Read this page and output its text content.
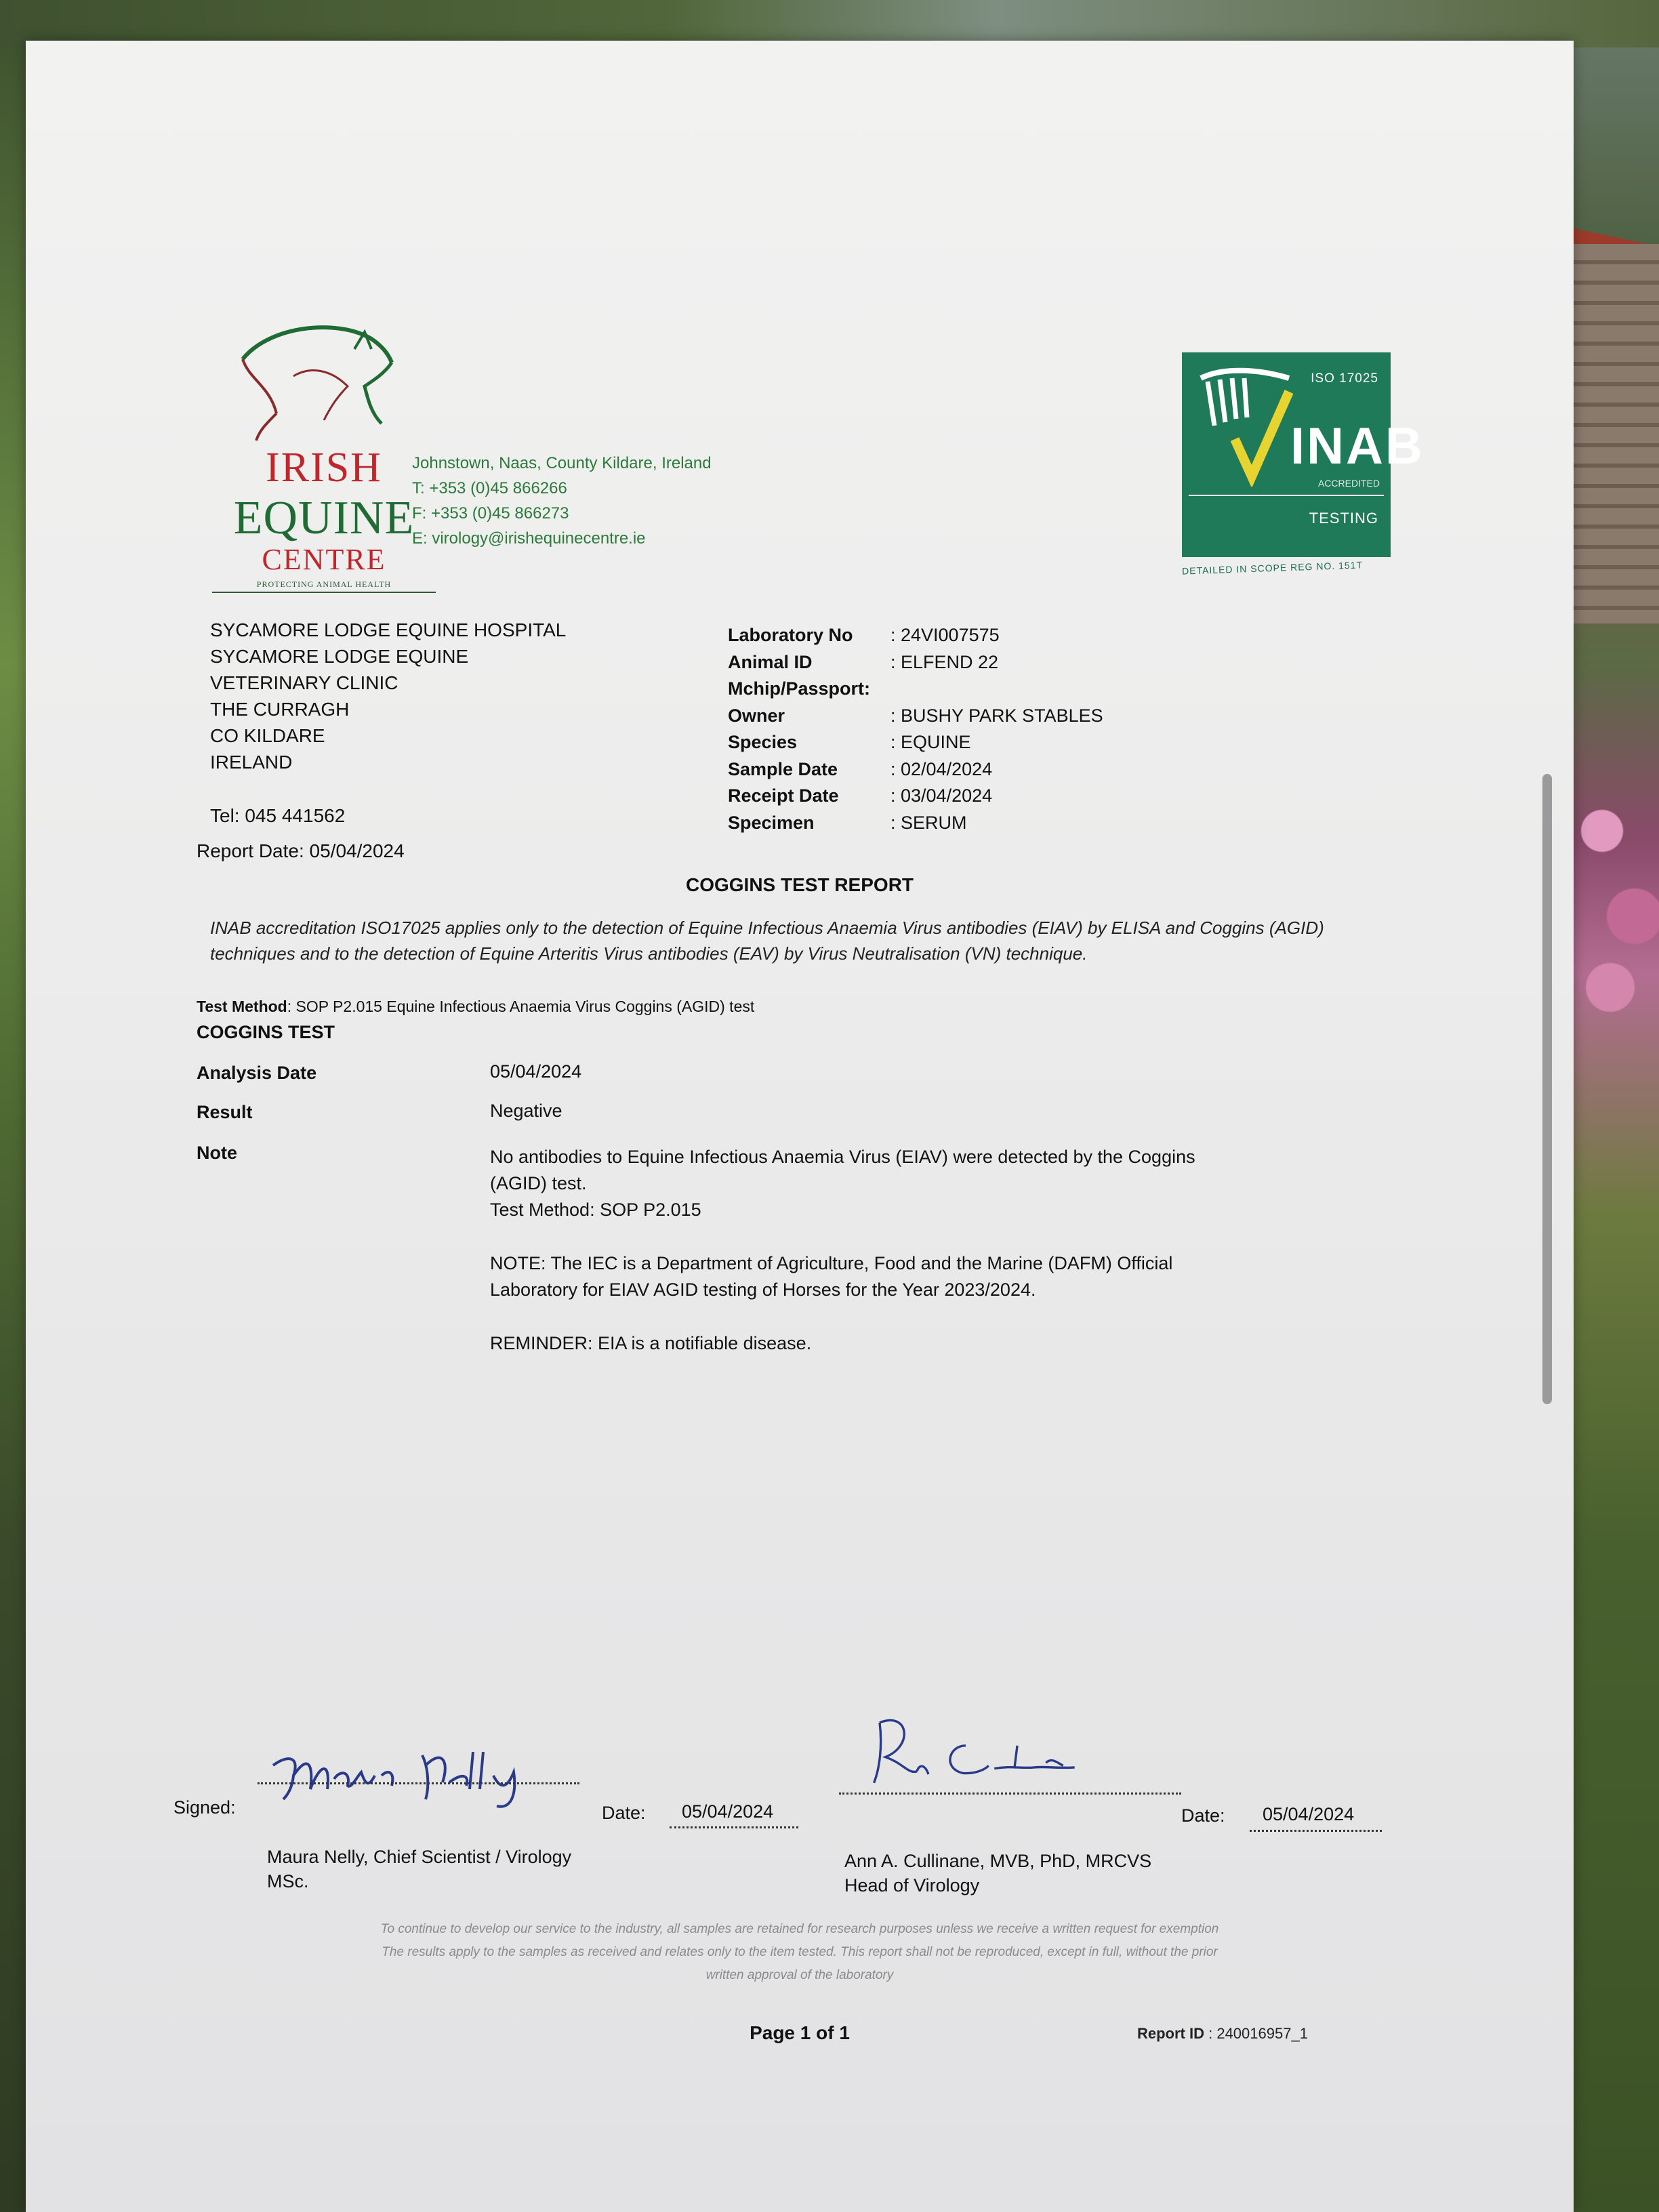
IRISH
EQUINE
CENTRE
PROTECTING ANIMAL HEALTH
Johnstown, Naas, County Kildare, Ireland
T: +353 (0)45 866266
F: +353 (0)45 866273
E: virology@irishequinecentre.ie
ISO 17025
INAB
ACCREDITED
TESTING
DETAILED IN SCOPE REG NO. 151T
SYCAMORE LODGE EQUINE HOSPITAL
SYCAMORE LODGE EQUINE
VETERINARY CLINIC
THE CURRAGH
CO KILDARE
IRELAND
Tel: 045 441562
Report Date: 05/04/2024
Laboratory No	: 24VI007575
Animal ID	: ELFEND 22
Mchip/Passport:
Owner	: BUSHY PARK STABLES
Species	: EQUINE
Sample Date	: 02/04/2024
Receipt Date	: 03/04/2024
Specimen	: SERUM
COGGINS TEST REPORT
INAB accreditation ISO17025 applies only to the detection of Equine Infectious Anaemia Virus antibodies (EIAV) by ELISA and Coggins (AGID) techniques and to the detection of Equine Arteritis Virus antibodies (EAV) by Virus Neutralisation (VN) technique.
Test Method: SOP P2.015 Equine Infectious Anaemia Virus Coggins (AGID) test
COGGINS TEST
Analysis Date	05/04/2024
Result	Negative
Note	No antibodies to Equine Infectious Anaemia Virus (EIAV) were detected by the Coggins (AGID) test.

Test Method: SOP P2.015

NOTE: The IEC is a Department of Agriculture, Food and the Marine (DAFM) Official Laboratory for EIAV AGID testing of Horses for the Year 2023/2024.

REMINDER: EIA is a notifiable disease.

Signed:	Date: 05/04/2024
Maura Nelly, Chief Scientist / Virology
MSc.
Date: 05/04/2024
Ann A. Cullinane, MVB, PhD, MRCVS
Head of Virology
To continue to develop our service to the industry, all samples are retained for research purposes unless we receive a written request for exemption
The results apply to the samples as received and relates only to the item tested. This report shall not be reproduced, except in full, without the prior
written approval of the laboratory
Page 1 of 1	Report ID : 240016957_1
